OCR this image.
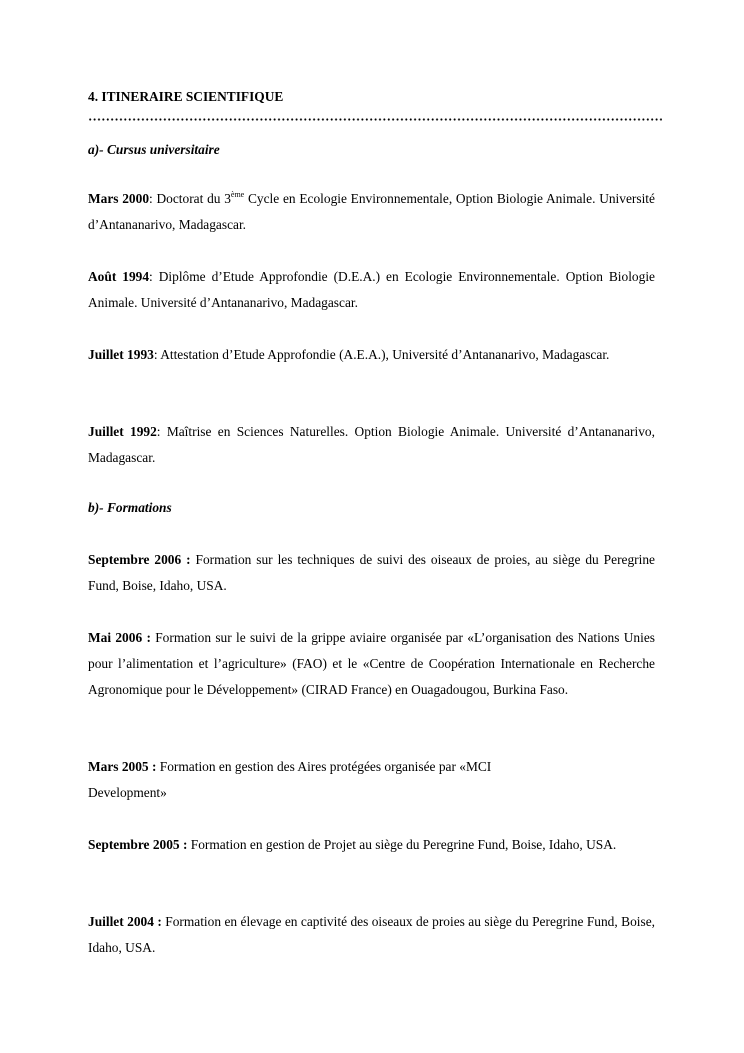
4. ITINERAIRE SCIENTIFIQUE

a)- Cursus universitaire

Mars 2000: Doctorat du 3ème Cycle en Ecologie Environnementale, Option Biologie Animale. Université d’Antananarivo, Madagascar.

Août 1994: Diplôme d’Etude Approfondie (D.E.A.) en Ecologie Environnementale. Option Biologie Animale. Université d’Antananarivo, Madagascar.

Juillet 1993: Attestation d’Etude Approfondie (A.E.A.), Université d’Antananarivo, Madagascar.

Juillet 1992: Maîtrise en Sciences Naturelles. Option Biologie Animale. Université d’Antananarivo, Madagascar.

b)- Formations

Septembre 2006 : Formation sur les techniques de suivi des oiseaux de proies, au siège du Peregrine Fund, Boise, Idaho, USA.

Mai 2006 : Formation sur le suivi de la grippe aviaire organisée par «L’organisation des Nations Unies pour l’alimentation et l’agriculture» (FAO) et le «Centre de Coopération Internationale en Recherche Agronomique pour le Développement» (CIRAD France) en Ouagadougou, Burkina Faso.

Mars 2005 : Formation en gestion des Aires protégées organisée par «MCI
Development»

Septembre 2005 : Formation en gestion de Projet au siège du Peregrine Fund, Boise, Idaho, USA.

Juillet 2004 : Formation en élevage en captivité des oiseaux de proies au siège du Peregrine Fund, Boise, Idaho, USA.
